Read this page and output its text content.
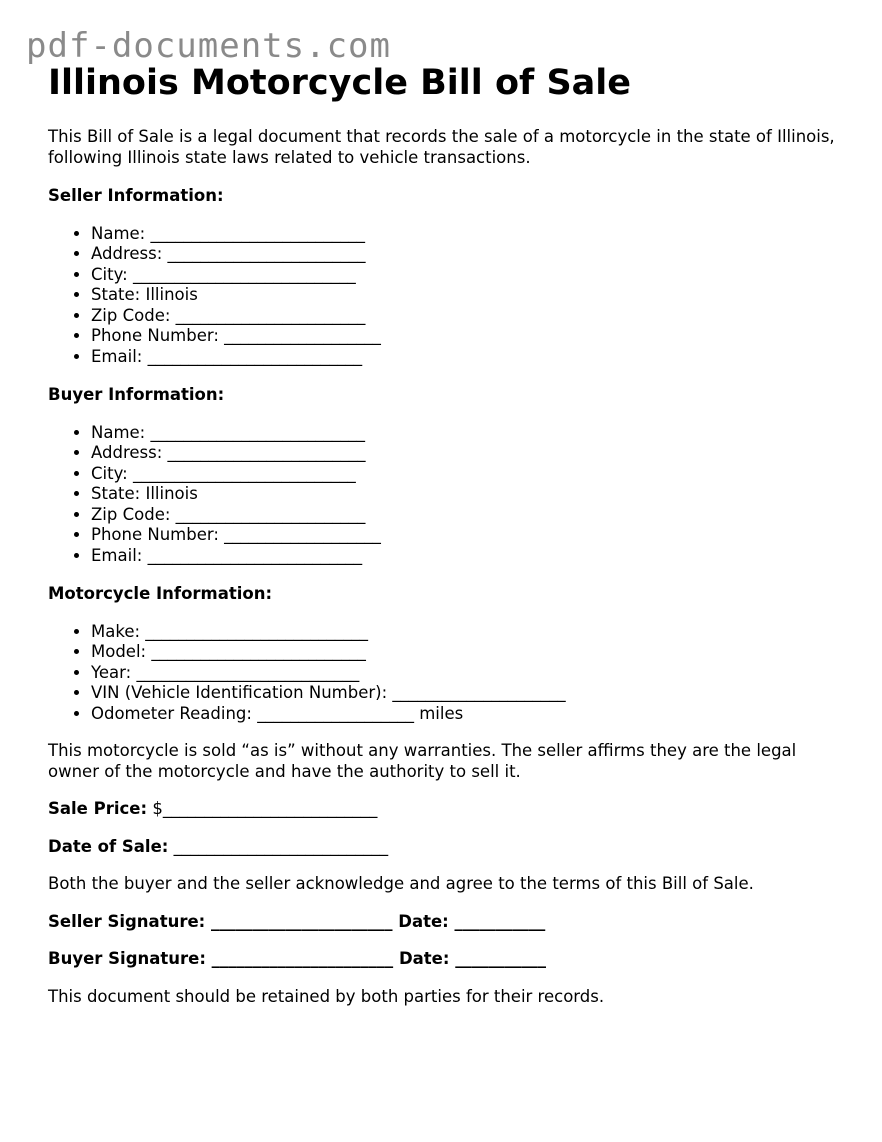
pdf-documents.com
Illinois Motorcycle Bill of Sale

This Bill of Sale is a legal document that records the sale of a motorcycle in the state of Illinois, following Illinois state laws related to vehicle transactions.

Seller Information:

• Name: __________________________
• Address: ________________________
• City: ___________________________
• State: Illinois
• Zip Code: _______________________
• Phone Number: ___________________
• Email: __________________________

Buyer Information:

• Name: __________________________
• Address: ________________________
• City: ___________________________
• State: Illinois
• Zip Code: _______________________
• Phone Number: ___________________
• Email: __________________________

Motorcycle Information:

• Make: ___________________________
• Model: __________________________
• Year: ___________________________
• VIN (Vehicle Identification Number): _____________________
• Odometer Reading: ___________________ miles

This motorcycle is sold “as is” without any warranties. The seller affirms they are the legal owner of the motorcycle and have the authority to sell it.

Sale Price: $__________________________

Date of Sale: __________________________

Both the buyer and the seller acknowledge and agree to the terms of this Bill of Sale.

Seller Signature: ______________________ Date: ___________

Buyer Signature: ______________________ Date: ___________

This document should be retained by both parties for their records.
